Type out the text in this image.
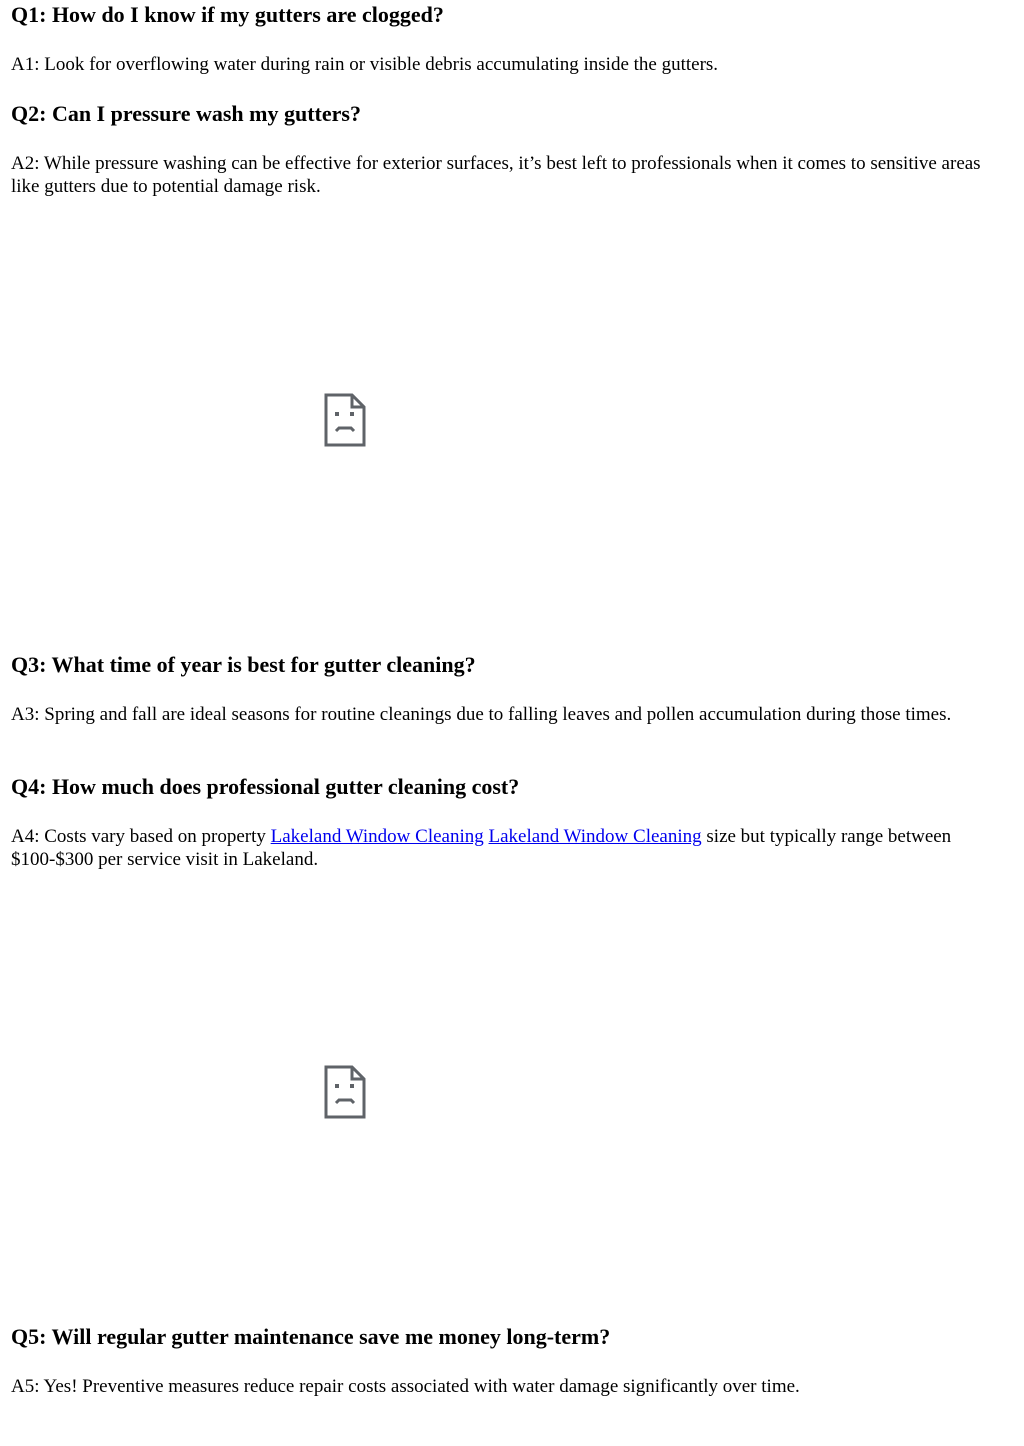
Q1: How do I know if my gutters are clogged?

A1: Look for overflowing water during rain or visible debris accumulating inside the gutters.

Q2: Can I pressure wash my gutters?

A2: While pressure washing can be effective for exterior surfaces, it’s best left to professionals when it comes to sensitive areas like gutters due to potential damage risk.

Q3: What time of year is best for gutter cleaning?

A3: Spring and fall are ideal seasons for routine cleanings due to falling leaves and pollen accumulation during those times.

Q4: How much does professional gutter cleaning cost?

A4: Costs vary based on property Lakeland Window Cleaning Lakeland Window Cleaning size but typically range between $100-$300 per service visit in Lakeland.

Q5: Will regular gutter maintenance save me money long-term?

A5: Yes! Preventive measures reduce repair costs associated with water damage significantly over time.
